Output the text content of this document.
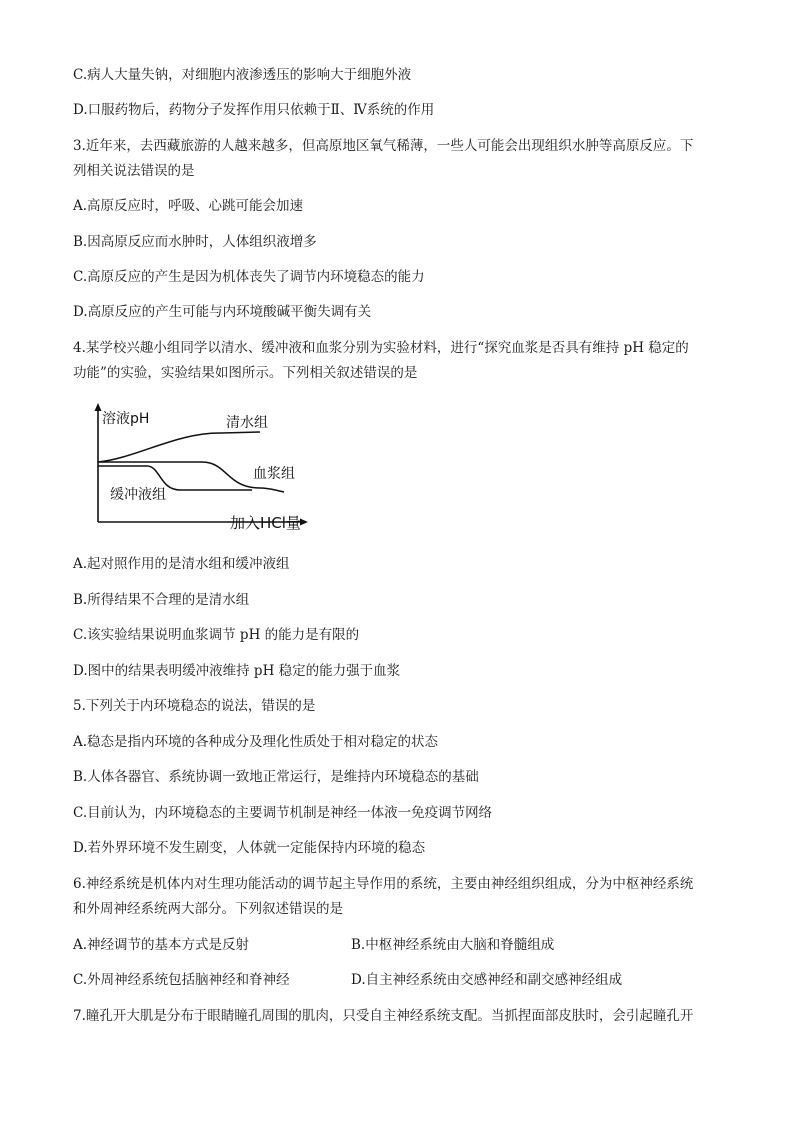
C.病人大量失钠，对细胞内液渗透压的影响大于细胞外液
D.口服药物后，药物分子发挥作用只依赖于Ⅱ、Ⅳ系统的作用
3.近年来，去西藏旅游的人越来越多，但高原地区氧气稀薄，一些人可能会出现组织水肿等高原反应。下
列相关说法错误的是
A.高原反应时，呼吸、心跳可能会加速
B.因高原反应而水肿时，人体组织液增多
C.高原反应的产生是因为机体丧失了调节内环境稳态的能力
D.高原反应的产生可能与内环境酸碱平衡失调有关
4.某学校兴趣小组同学以清水、缓冲液和血浆分别为实验材料，进行“探究血浆是否具有维持 pH 稳定的
功能”的实验，实验结果如图所示。下列相关叙述错误的是
溶液pH
加入HCl量
清水组
血浆组
缓冲液组
A.起对照作用的是清水组和缓冲液组
B.所得结果不合理的是清水组
C.该实验结果说明血浆调节 pH 的能力是有限的
D.图中的结果表明缓冲液维持 pH 稳定的能力强于血浆
5.下列关于内环境稳态的说法，错误的是
A.稳态是指内环境的各种成分及理化性质处于相对稳定的状态
B.人体各器官、系统协调一致地正常运行，是维持内环境稳态的基础
C.目前认为，内环境稳态的主要调节机制是神经一体液一免疫调节网络
D.若外界环境不发生剧变，人体就一定能保持内环境的稳态
6.神经系统是机体内对生理功能活动的调节起主导作用的系统，主要由神经组织组成，分为中枢神经系统
和外周神经系统两大部分。下列叙述错误的是
A.神经调节的基本方式是反射	B.中枢神经系统由大脑和脊髓组成
C.外周神经系统包括脑神经和脊神经	D.自主神经系统由交感神经和副交感神经组成
7.瞳孔开大肌是分布于眼睛瞳孔周围的肌肉，只受自主神经系统支配。当抓捏面部皮肤时，会引起瞳孔开
